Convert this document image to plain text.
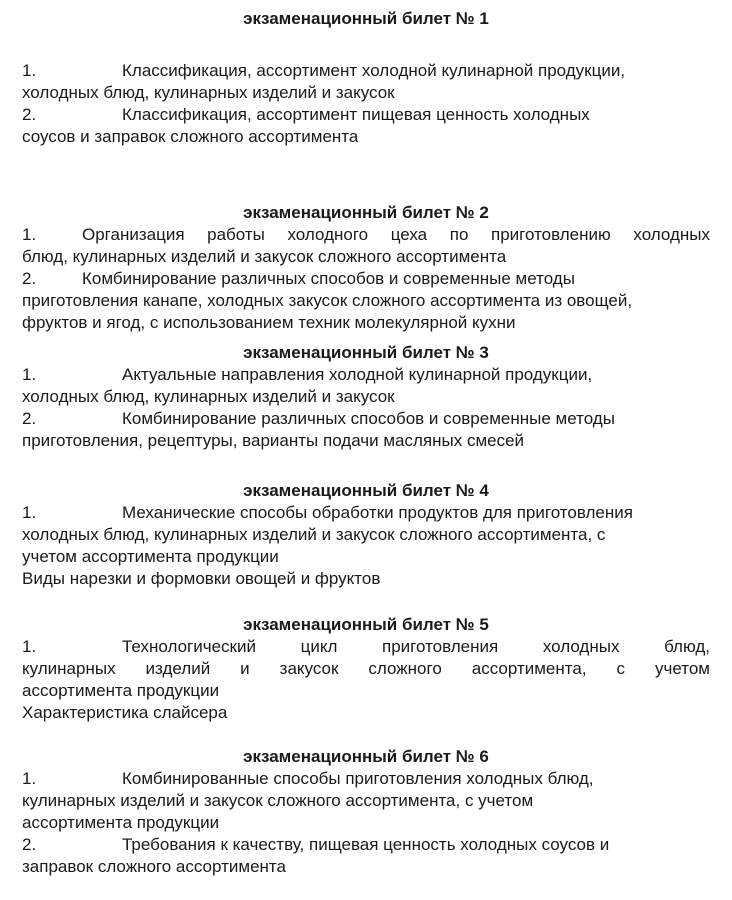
экзаменационный билет № 1
1.	Классификация, ассортимент холодной кулинарной продукции,
холодных блюд, кулинарных изделий и закусок
2.	Классификация, ассортимент пищевая ценность холодных
соусов и заправок сложного ассортимента
экзаменационный билет № 2
1.	Организация работы холодного цеха по приготовлению холодных
блюд, кулинарных изделий и закусок сложного ассортимента
2.	Комбинирование различных способов и современные методы
приготовления канапе, холодных закусок сложного ассортимента из овощей,
фруктов и ягод, с использованием техник молекулярной кухни
экзаменационный билет № 3
1.	Актуальные направления холодной кулинарной продукции,
холодных блюд, кулинарных изделий и закусок
2.	Комбинирование различных способов и современные методы
приготовления, рецептуры, варианты подачи масляных смесей
экзаменационный билет № 4
1.	Механические способы обработки продуктов для приготовления
холодных блюд, кулинарных изделий и закусок сложного ассортимента, с
учетом ассортимента продукции
Виды нарезки и формовки овощей и фруктов
экзаменационный билет № 5
1.	Технологический цикл приготовления холодных блюд,
кулинарных изделий и закусок сложного ассортимента, с учетом
ассортимента продукции
Характеристика слайсера
экзаменационный билет № 6
1.	Комбинированные способы приготовления холодных блюд,
кулинарных изделий и закусок сложного ассортимента, с учетом
ассортимента продукции
2.	Требования к качеству, пищевая ценность холодных соусов и
заправок сложного ассортимента
